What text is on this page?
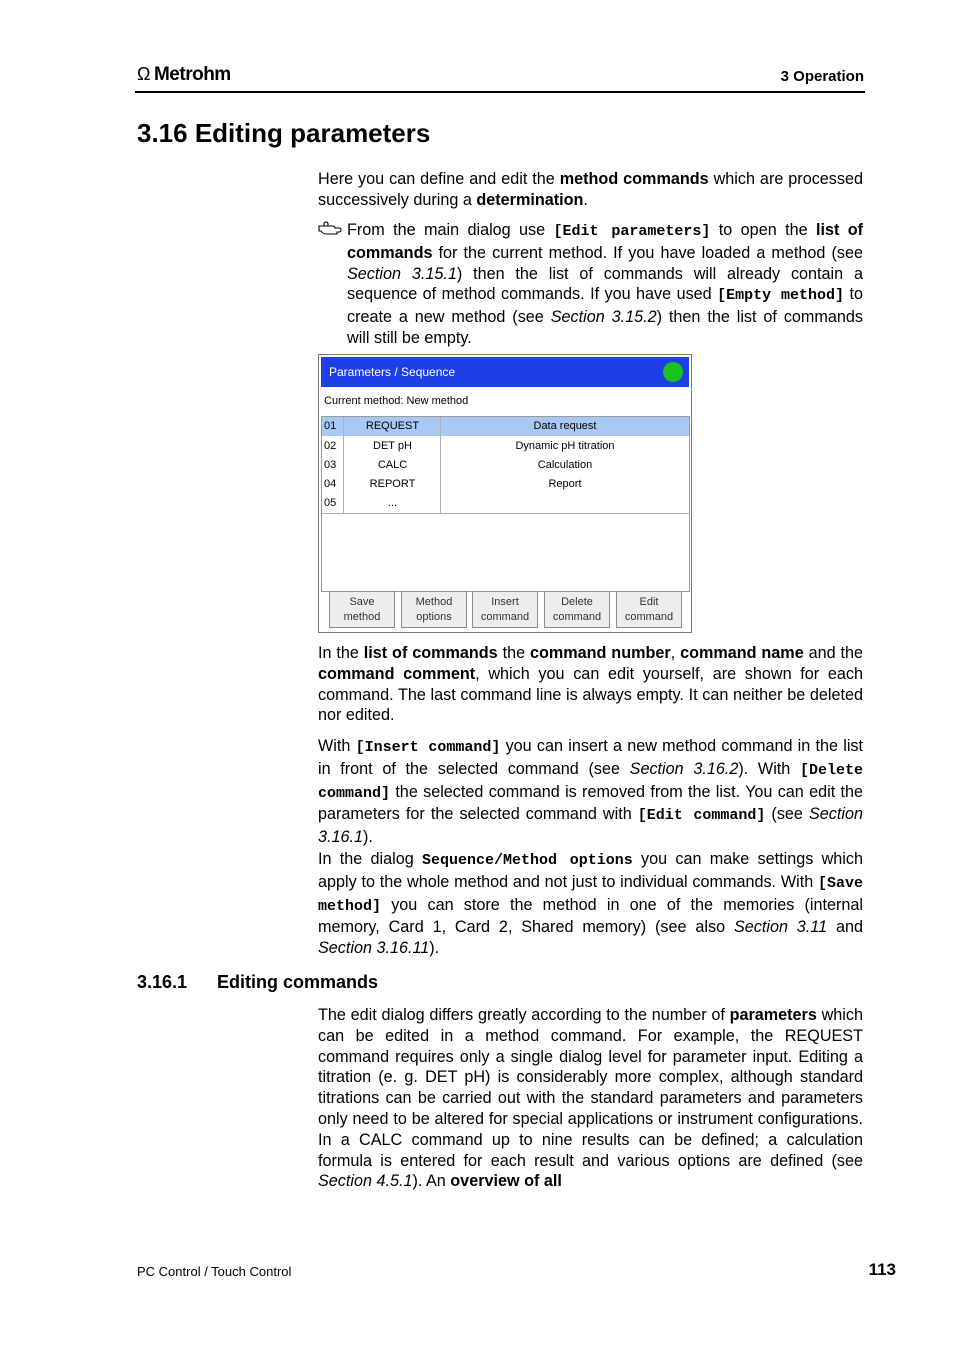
Ω Metrohm	3 Operation
3.16 Editing parameters

Here you can define and edit the method commands which are processed successively during a determination.

From the main dialog use [Edit parameters] to open the list of commands for the current method. If you have loaded a method (see Section 3.15.1) then the list of commands will already contain a sequence of method commands. If you have used [Empty method] to create a new method (see Section 3.15.2) then the list of commands will still be empty.
Parameters / Sequence
Current method: New method
01	REQUEST	Data request
02	DET pH	Dynamic pH titration
03	CALC	Calculation
04	REPORT	Report
05	...
Save
method
Method
options
Insert
command
Delete
command
Edit
command

In the list of commands the command number, command name and the command comment, which you can edit yourself, are shown for each command. The last command line is always empty. It can neither be deleted nor edited.

With [Insert command] you can insert a new method command in the list in front of the selected command (see Section 3.16.2). With [Delete command] the selected command is removed from the list. You can edit the parameters for the selected command with [Edit command] (see Section 3.16.1).

In the dialog Sequence/Method options you can make settings which apply to the whole method and not just to individual commands. With [Save method] you can store the method in one of the memories (internal memory, Card 1, Card 2, Shared memory) (see also Section 3.11 and Section 3.16.11).

3.16.1 Editing commands

The edit dialog differs greatly according to the number of parameters which can be edited in a method command. For example, the REQUEST command requires only a single dialog level for parameter input. Editing a titration (e. g. DET pH) is considerably more complex, although standard titrations can be carried out with the standard parameters and parameters only need to be altered for special applications or instrument configurations. In a CALC command up to nine results can be defined; a calculation formula is entered for each result and various options are defined (see Section 4.5.1). An overview of all

PC Control / Touch Control	113
